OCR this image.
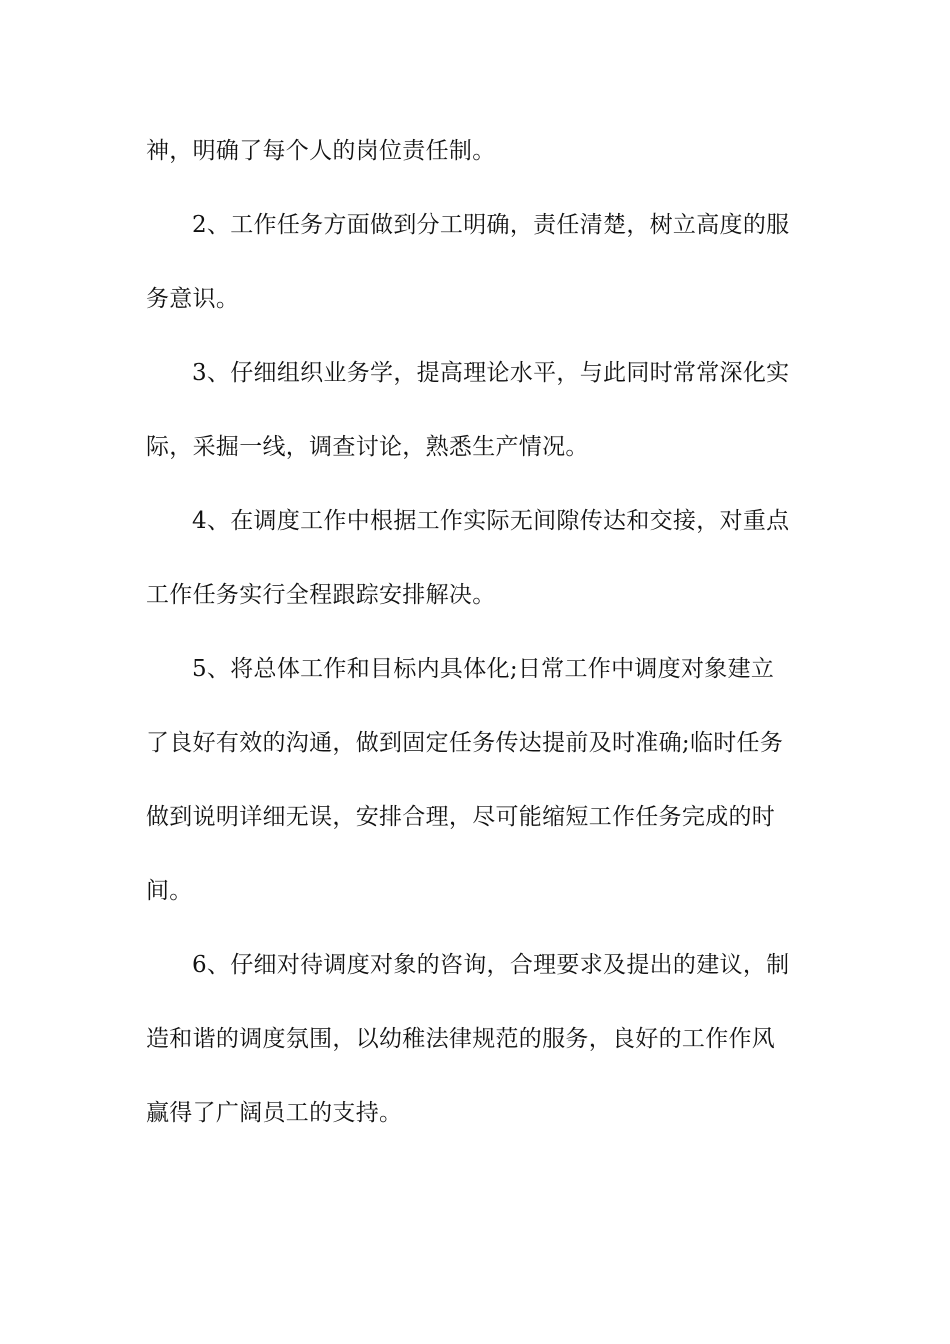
神，明确了每个人的岗位责任制。
2、工作任务方面做到分工明确，责任清楚，树立高度的服
务意识。
3、仔细组织业务学，提高理论水平，与此同时常常深化实
际，采掘一线，调查讨论，熟悉生产情况。
4、在调度工作中根据工作实际无间隙传达和交接，对重点
工作任务实行全程跟踪安排解决。
5、将总体工作和目标内具体化;日常工作中调度对象建立
了良好有效的沟通，做到固定任务传达提前及时准确;临时任务
做到说明详细无误，安排合理，尽可能缩短工作任务完成的时
间。
6、仔细对待调度对象的咨询，合理要求及提出的建议，制
造和谐的调度氛围，以幼稚法律规范的服务，良好的工作作风
赢得了广阔员工的支持。
